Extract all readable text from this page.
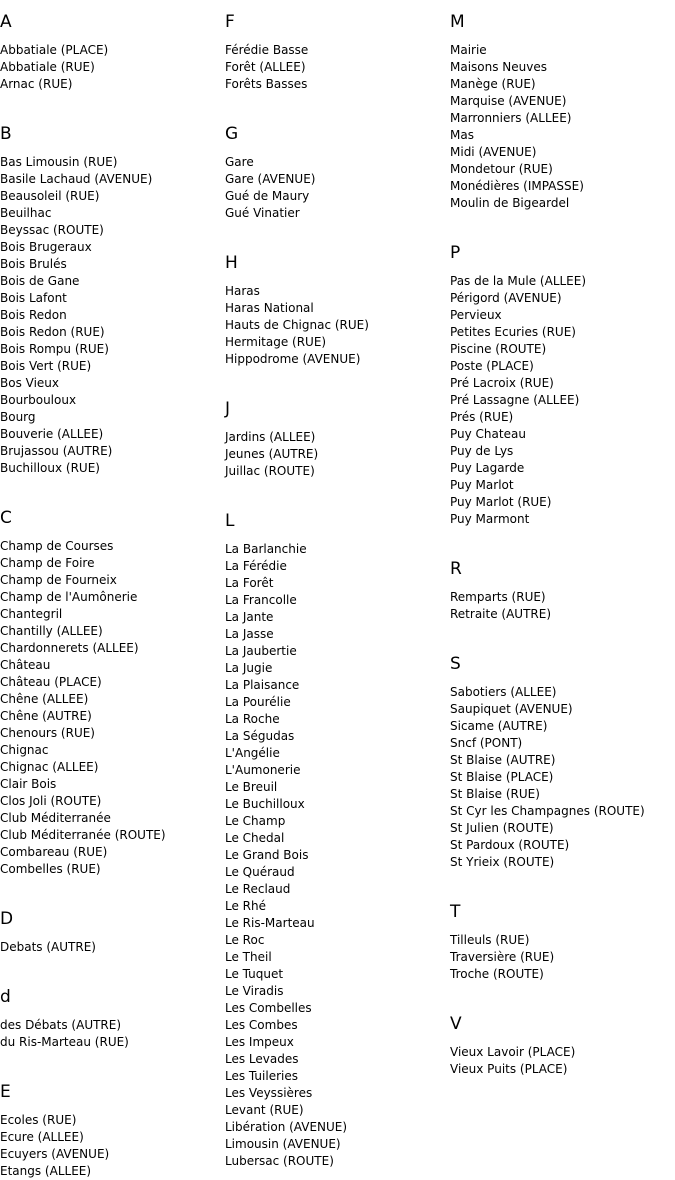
A
Abbatiale (PLACE)
Abbatiale (RUE)
Arnac (RUE)
B
Bas Limousin (RUE)
Basile Lachaud (AVENUE)
Beausoleil (RUE)
Beuilhac
Beyssac (ROUTE)
Bois Brugeraux
Bois Brulés
Bois de Gane
Bois Lafont
Bois Redon
Bois Redon (RUE)
Bois Rompu (RUE)
Bois Vert (RUE)
Bos Vieux
Bourbouloux
Bourg
Bouverie (ALLEE)
Brujassou (AUTRE)
Buchilloux (RUE)
C
Champ de Courses
Champ de Foire
Champ de Fourneix
Champ de l'Aumônerie
Chantegril
Chantilly (ALLEE)
Chardonnerets (ALLEE)
Château
Château (PLACE)
Chêne (ALLEE)
Chêne (AUTRE)
Chenours (RUE)
Chignac
Chignac (ALLEE)
Clair Bois
Clos Joli (ROUTE)
Club Méditerranée
Club Méditerranée (ROUTE)
Combareau (RUE)
Combelles (RUE)
D
Debats (AUTRE)
d
des Débats (AUTRE)
du Ris-Marteau (RUE)
E
Ecoles (RUE)
Ecure (ALLEE)
Ecuyers (AVENUE)
Etangs (ALLEE)
F
Férédie Basse
Forêt (ALLEE)
Forêts Basses
G
Gare
Gare (AVENUE)
Gué de Maury
Gué Vinatier
H
Haras
Haras National
Hauts de Chignac (RUE)
Hermitage (RUE)
Hippodrome (AVENUE)
J
Jardins (ALLEE)
Jeunes (AUTRE)
Juillac (ROUTE)
L
La Barlanchie
La Férédie
La Forêt
La Francolle
La Jante
La Jasse
La Jaubertie
La Jugie
La Plaisance
La Pourélie
La Roche
La Ségudas
L'Angélie
L'Aumonerie
Le Breuil
Le Buchilloux
Le Champ
Le Chedal
Le Grand Bois
Le Quéraud
Le Reclaud
Le Rhé
Le Ris-Marteau
Le Roc
Le Theil
Le Tuquet
Le Viradis
Les Combelles
Les Combes
Les Impeux
Les Levades
Les Tuileries
Les Veyssières
Levant (RUE)
Libération (AVENUE)
Limousin (AVENUE)
Lubersac (ROUTE)
M
Mairie
Maisons Neuves
Manège (RUE)
Marquise (AVENUE)
Marronniers (ALLEE)
Mas
Midi (AVENUE)
Mondetour (RUE)
Monédières (IMPASSE)
Moulin de Bigeardel
P
Pas de la Mule (ALLEE)
Périgord (AVENUE)
Pervieux
Petites Ecuries (RUE)
Piscine (ROUTE)
Poste (PLACE)
Pré Lacroix (RUE)
Pré Lassagne (ALLEE)
Prés (RUE)
Puy Chateau
Puy de Lys
Puy Lagarde
Puy Marlot
Puy Marlot (RUE)
Puy Marmont
R
Remparts (RUE)
Retraite (AUTRE)
S
Sabotiers (ALLEE)
Saupiquet (AVENUE)
Sicame (AUTRE)
Sncf (PONT)
St Blaise (AUTRE)
St Blaise (PLACE)
St Blaise (RUE)
St Cyr les Champagnes (ROUTE)
St Julien (ROUTE)
St Pardoux (ROUTE)
St Yrieix (ROUTE)
T
Tilleuls (RUE)
Traversière (RUE)
Troche (ROUTE)
V
Vieux Lavoir (PLACE)
Vieux Puits (PLACE)
